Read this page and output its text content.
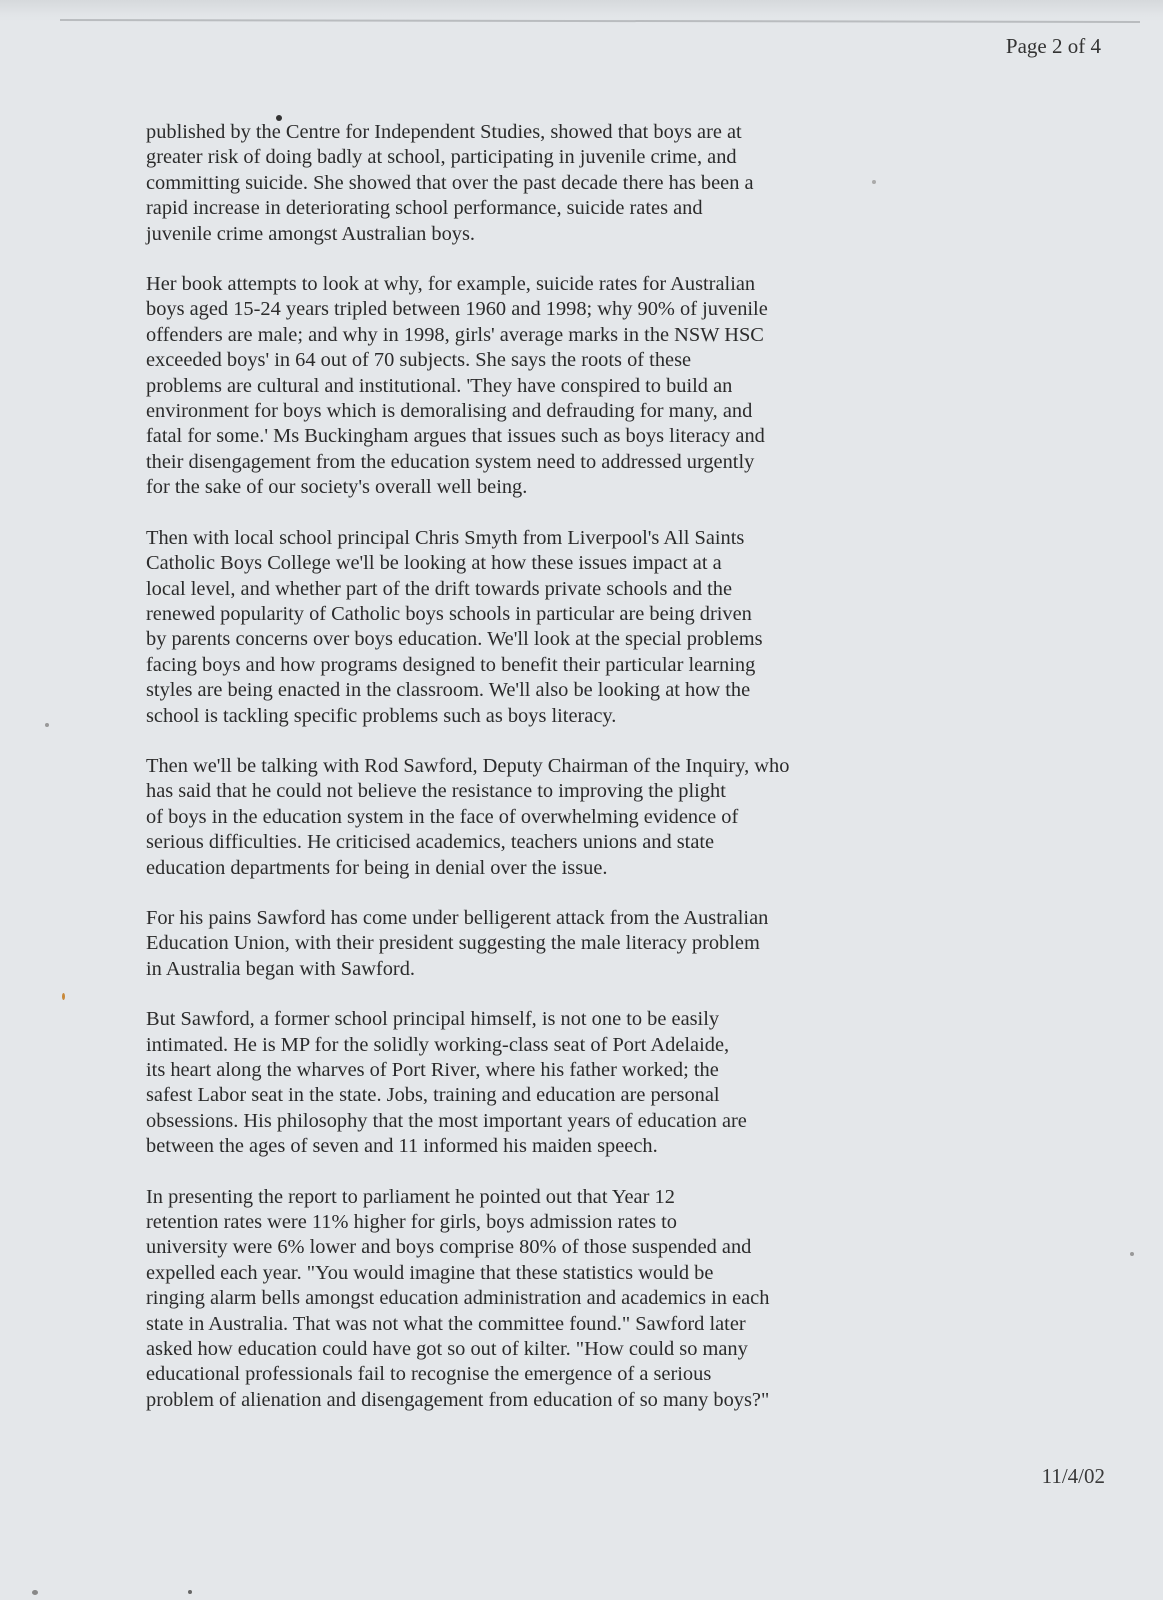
Page 2 of 4

published by the Centre for Independent Studies, showed that boys are at
greater risk of doing badly at school, participating in juvenile crime, and
committing suicide. She showed that over the past decade there has been a
rapid increase in deteriorating school performance, suicide rates and
juvenile crime amongst Australian boys.

Her book attempts to look at why, for example, suicide rates for Australian
boys aged 15-24 years tripled between 1960 and 1998; why 90% of juvenile
offenders are male; and why in 1998, girls' average marks in the NSW HSC
exceeded boys' in 64 out of 70 subjects. She says the roots of these
problems are cultural and institutional. 'They have conspired to build an
environment for boys which is demoralising and defrauding for many, and
fatal for some.' Ms Buckingham argues that issues such as boys literacy and
their disengagement from the education system need to addressed urgently
for the sake of our society's overall well being.

Then with local school principal Chris Smyth from Liverpool's All Saints
Catholic Boys College we'll be looking at how these issues impact at a
local level, and whether part of the drift towards private schools and the
renewed popularity of Catholic boys schools in particular are being driven
by parents concerns over boys education. We'll look at the special problems
facing boys and how programs designed to benefit their particular learning
styles are being enacted in the classroom. We'll also be looking at how the
school is tackling specific problems such as boys literacy.

Then we'll be talking with Rod Sawford, Deputy Chairman of the Inquiry, who
has said that he could not believe the resistance to improving the plight
of boys in the education system in the face of overwhelming evidence of
serious difficulties. He criticised academics, teachers unions and state
education departments for being in denial over the issue.

For his pains Sawford has come under belligerent attack from the Australian
Education Union, with their president suggesting the male literacy problem
in Australia began with Sawford.

But Sawford, a former school principal himself, is not one to be easily
intimated. He is MP for the solidly working-class seat of Port Adelaide,
its heart along the wharves of Port River, where his father worked; the
safest Labor seat in the state. Jobs, training and education are personal
obsessions. His philosophy that the most important years of education are
between the ages of seven and 11 informed his maiden speech.

In presenting the report to parliament he pointed out that Year 12
retention rates were 11% higher for girls, boys admission rates to
university were 6% lower and boys comprise 80% of those suspended and
expelled each year. "You would imagine that these statistics would be
ringing alarm bells amongst education administration and academics in each
state in Australia. That was not what the committee found." Sawford later
asked how education could have got so out of kilter. "How could so many
educational professionals fail to recognise the emergence of a serious
problem of alienation and disengagement from education of so many boys?"

11/4/02
